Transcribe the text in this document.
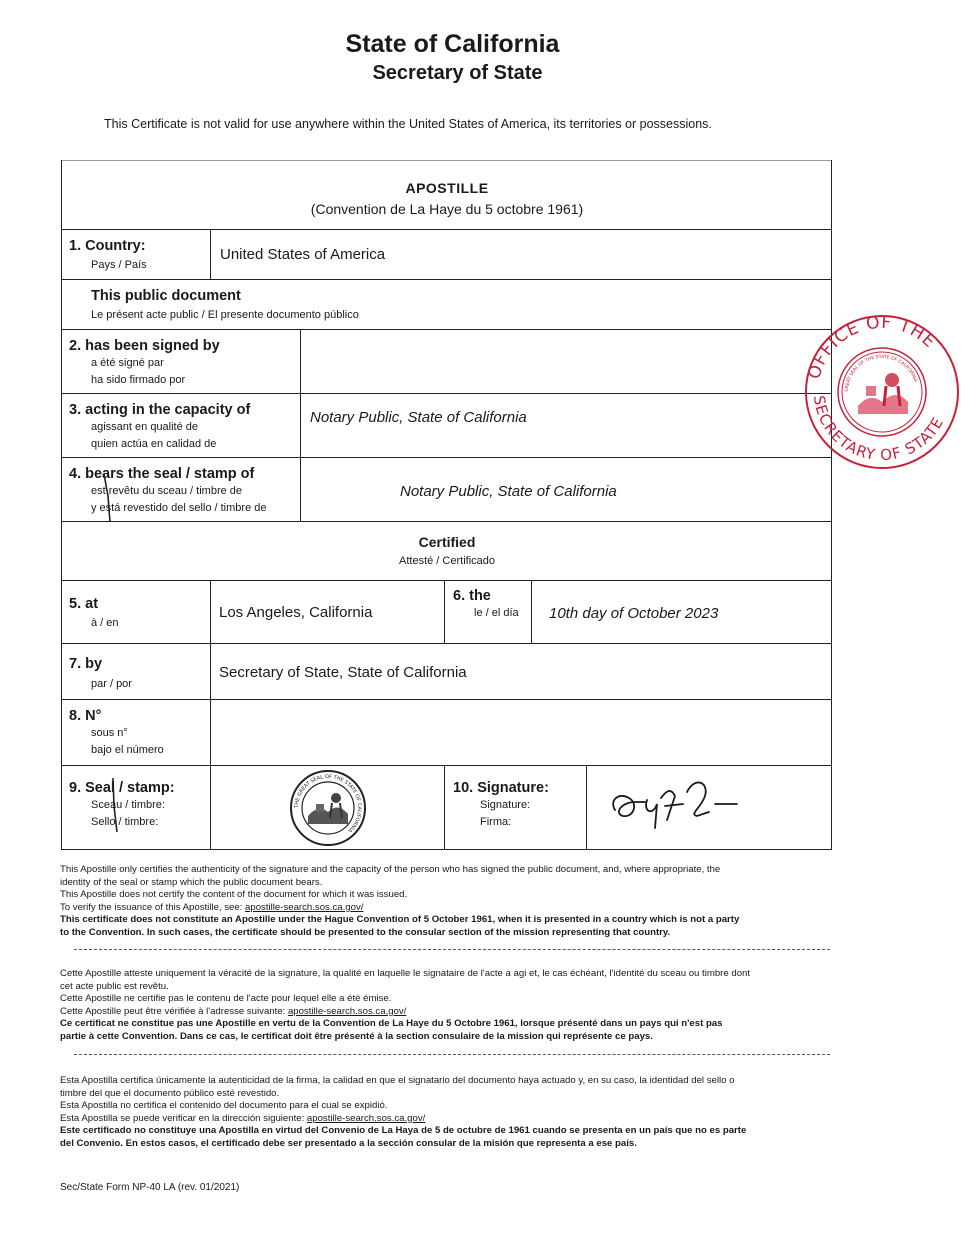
State of California
Secretary of State
This Certificate is not valid for use anywhere within the United States of America, its territories or possessions.
APOSTILLE
(Convention de La Haye du 5 octobre 1961)
1. Country:
Pays / País
United States of America
This public document
Le présent acte public / El presente documento público
2. has been signed by
a été signé par
ha sido firmado por
3. acting in the capacity of
agissant en qualité de
quien actúa en calidad de
Notary Public, State of California
4. bears the seal / stamp of
est revêtu du sceau / timbre de
y está revestido del sello / timbre de
Notary Public, State of California
Certified
Attesté / Certificado
5. at
à / en
Los Angeles, California
6. the
le / el día 10th day of October 2023
7. by
par / por
Secretary of State, State of California
8. N°
sous n°
bajo el número
9. Seal / stamp:
Sceau / timbre:
Sello / timbre:
10. Signature:
Signature:
Firma:
THE GREAT SEAL OF THE STATE OF CALIFORNIA
OFFICE OF THE
SECRETARY OF STATE
GREAT SEAL OF THE STATE OF CALIFORNIA
This Apostille only certifies the authenticity of the signature and the capacity of the person who has signed the public document, and, where appropriate, the
identity of the seal or stamp which the public document bears.
This Apostille does not certify the content of the document for which it was issued.
To verify the issuance of this Apostille, see: apostille-search.sos.ca.gov/
This certificate does not constitute an Apostille under the Hague Convention of 5 October 1961, when it is presented in a country which is not a party
to the Convention. In such cases, the certificate should be presented to the consular section of the mission representing that country.
Cette Apostille atteste uniquement la véracité de la signature, la qualité en laquelle le signataire de l'acte a agi et, le cas échéant, l'identité du sceau ou timbre dont
cet acte public est revêtu.
Cette Apostille ne certifie pas le contenu de l'acte pour lequel elle a été émise.
Cette Apostille peut être vérifiée à l'adresse suivante: apostille-search.sos.ca.gov/
Ce certificat ne constitue pas une Apostille en vertu de la Convention de La Haye du 5 Octobre 1961, lorsque présenté dans un pays qui n'est pas
partie à cette Convention. Dans ce cas, le certificat doit être présenté à la section consulaire de la mission qui représente ce pays.
Esta Apostilla certifica únicamente la autenticidad de la firma, la calidad en que el signatario del documento haya actuado y, en su caso, la identidad del sello o
timbre del que el documento público esté revestido.
Esta Apostilla no certifica el contenido del documento para el cual se expidió.
Esta Apostilla se puede verificar en la dirección siguiente: apostille-search.sos.ca.gov/
Este certificado no constituye una Apostilla en virtud del Convenio de La Haya de 5 de octubre de 1961 cuando se presenta en un país que no es parte
del Convenio. En estos casos, el certificado debe ser presentado a la sección consular de la misión que representa a ese país.
Sec/State Form NP-40 LA (rev. 01/2021)
